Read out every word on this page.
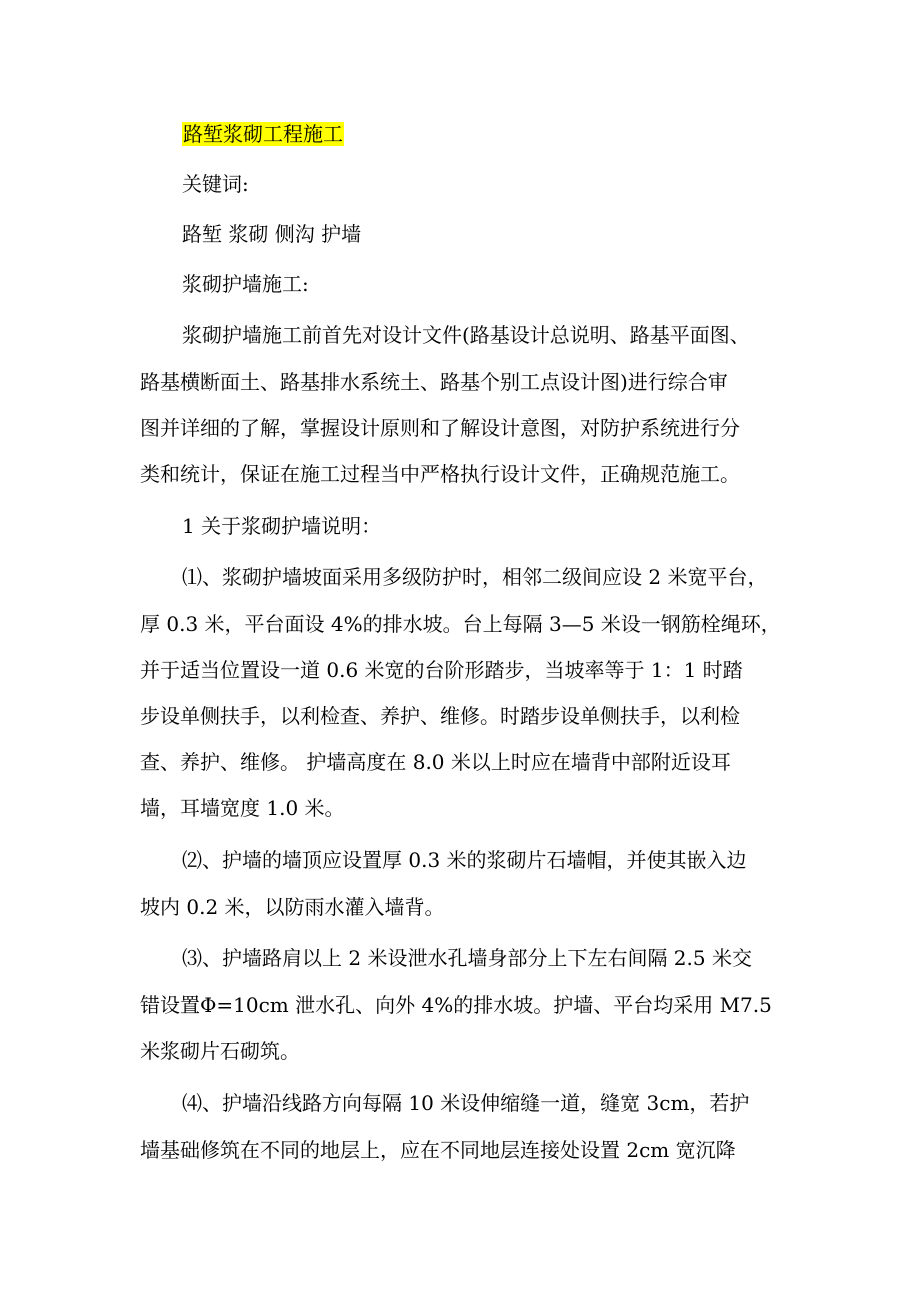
路堑浆砌工程施工
关键词:
路堑 浆砌 侧沟 护墙
浆砌护墙施工:
浆砌护墙施工前首先对设计文件(路基设计总说明、路基平面图、
路基横断面土、路基排水系统土、路基个别工点设计图)进行综合审
图并详细的了解，掌握设计原则和了解设计意图，对防护系统进行分
类和统计，保证在施工过程当中严格执行设计文件，正确规范施工。
1 关于浆砌护墙说明：
⑴、浆砌护墙坡面采用多级防护时，相邻二级间应设 2 米宽平台，
厚 0.3 米，平台面设 4%的排水坡。台上每隔 3—5 米设一钢筋栓绳环，
并于适当位置设一道 0.6 米宽的台阶形踏步，当坡率等于 1：1 时踏
步设单侧扶手，以利检查、养护、维修。时踏步设单侧扶手，以利检
查、养护、维修。 护墙高度在 8.0 米以上时应在墙背中部附近设耳
墙，耳墙宽度 1.0 米。
⑵、护墙的墙顶应设置厚 0.3 米的浆砌片石墙帽，并使其嵌入边
坡内 0.2 米，以防雨水灌入墙背。
⑶、护墙路肩以上 2 米设泄水孔墙身部分上下左右间隔 2.5 米交
错设置Φ=10cm 泄水孔、向外 4%的排水坡。护墙、平台均采用 M7.5
米浆砌片石砌筑。
⑷、护墙沿线路方向每隔 10 米设伸缩缝一道，缝宽 3cm，若护
墙基础修筑在不同的地层上，应在不同地层连接处设置 2cm 宽沉降
